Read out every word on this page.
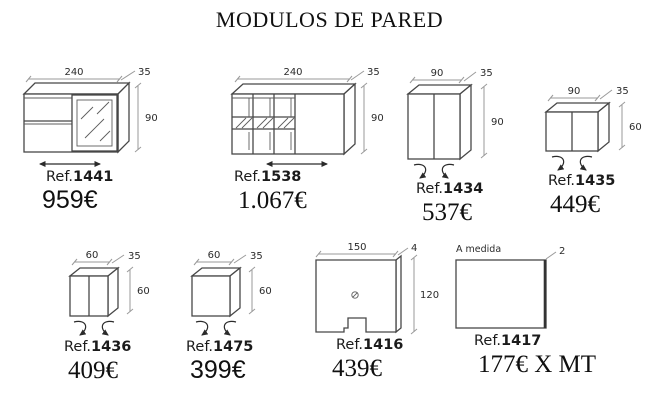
MODULOS DE PARED
240	35
90
Ref.1441
959€
240	35
90
Ref.1538
1.067€
90	35
90
Ref.1434
537€
90	35
60
Ref.1435
449€
60	35
60
Ref.1436
409€
60	35
60
Ref.1475
399€
150	4
120
Ref.1416
439€
A medida	2
Ref.1417
177€ X MT
